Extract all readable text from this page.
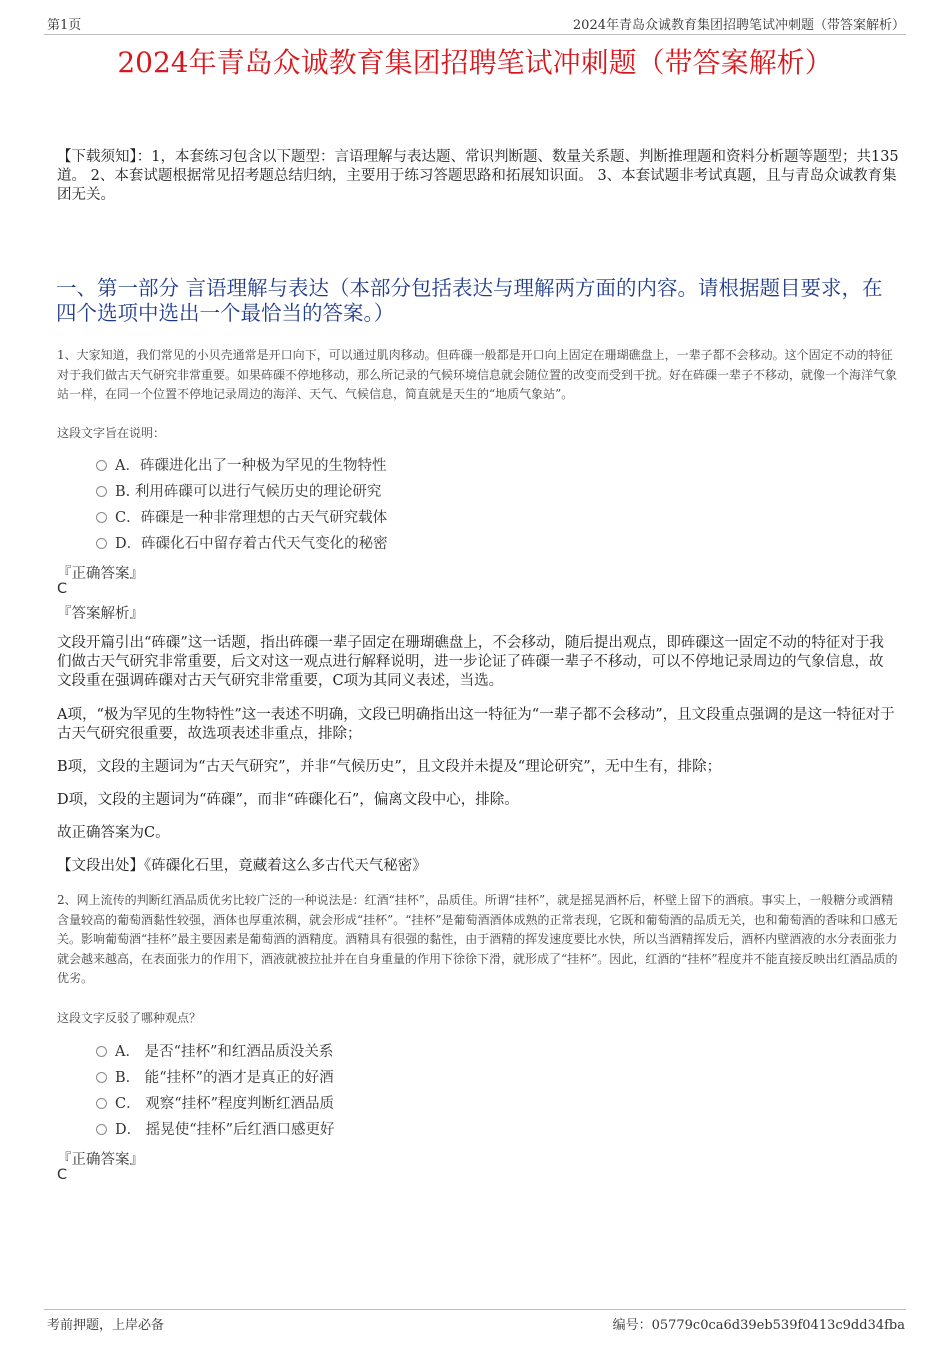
第1页	2024年青岛众诚教育集团招聘笔试冲刺题（带答案解析）
2024年青岛众诚教育集团招聘笔试冲刺题（带答案解析）
【下载须知】：1，本套练习包含以下题型：言语理解与表达题、常识判断题、数量关系题、判断推理题和资料分析题等题型；共135道。 2、本套试题根据常见招考题总结归纳，主要用于练习答题思路和拓展知识面。 3、本套试题非考试真题，且与青岛众诚教育集团无关。
一、第一部分 言语理解与表达（本部分包括表达与理解两方面的内容。请根据题目要求，在四个选项中选出一个最恰当的答案。）
1、大家知道，我们常见的小贝壳通常是开口向下，可以通过肌肉移动。但砗磲一般都是开口向上固定在珊瑚礁盘上，一辈子都不会移动。这个固定不动的特征对于我们做古天气研究非常重要。如果砗磲不停地移动，那么所记录的气候环境信息就会随位置的改变而受到干扰。好在砗磲一辈子不移动，就像一个海洋气象站一样，在同一个位置不停地记录周边的海洋、天气、气候信息，简直就是天生的“地质气象站”。
这段文字旨在说明：
A．砗磲进化出了一种极为罕见的生物特性
B. 利用砗磲可以进行气候历史的理论研究
C．砗磲是一种非常理想的古天气研究载体
D．砗磲化石中留存着古代天气变化的秘密
『正确答案』
C
『答案解析』
文段开篇引出“砗磲”这一话题，指出砗磲一辈子固定在珊瑚礁盘上，不会移动，随后提出观点，即砗磲这一固定不动的特征对于我们做古天气研究非常重要，后文对这一观点进行解释说明，进一步论证了砗磲一辈子不移动，可以不停地记录周边的气象信息，故文段重在强调砗磲对古天气研究非常重要，C项为其同义表述，当选。
A项，“极为罕见的生物特性”这一表述不明确，文段已明确指出这一特征为“一辈子都不会移动”，且文段重点强调的是这一特征对于古天气研究很重要，故选项表述非重点，排除；
B项，文段的主题词为“古天气研究”，并非“气候历史”，且文段并未提及“理论研究”，无中生有，排除；
D项，文段的主题词为“砗磲”，而非“砗磲化石”，偏离文段中心，排除。
故正确答案为C。
【文段出处】《砗磲化石里，竟藏着这么多古代天气秘密》
2、网上流传的判断红酒品质优劣比较广泛的一种说法是：红酒“挂杯”，品质佳。所谓“挂杯”，就是摇晃酒杯后，杯壁上留下的酒痕。事实上，一般糖分或酒精含量较高的葡萄酒黏性较强，酒体也厚重浓稠，就会形成“挂杯”。“挂杯”是葡萄酒酒体成熟的正常表现，它既和葡萄酒的品质无关，也和葡萄酒的香味和口感无关。影响葡萄酒“挂杯”最主要因素是葡萄酒的酒精度。酒精具有很强的黏性，由于酒精的挥发速度要比水快，所以当酒精挥发后，酒杯内壁酒液的水分表面张力就会越来越高，在表面张力的作用下，酒液就被拉扯并在自身重量的作用下徐徐下滑，就形成了“挂杯”。因此，红酒的“挂杯”程度并不能直接反映出红酒品质的优劣。
这段文字反驳了哪种观点？
A． 是否“挂杯”和红酒品质没关系
B． 能“挂杯”的酒才是真正的好酒
C． 观察“挂杯”程度判断红酒品质
D． 摇晃使“挂杯”后红酒口感更好
『正确答案』
C
考前押题，上岸必备	编号：05779c0ca6d39eb539f0413c9dd34fba
